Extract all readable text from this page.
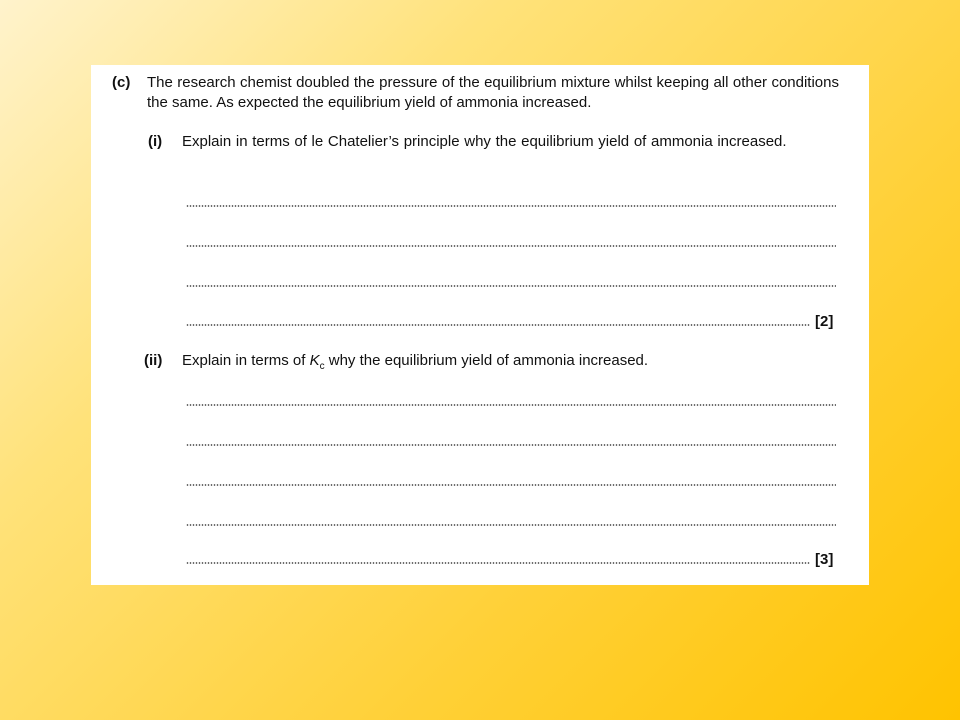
(c) The research chemist doubled the pressure of the equilibrium mixture whilst keeping all other conditions the same. As expected the equilibrium yield of ammonia increased.
(i) Explain in terms of le Chatelier’s principle why the equilibrium yield of ammonia increased.
[2]
(ii) Explain in terms of $K_c$ why the equilibrium yield of ammonia increased.
[3]
